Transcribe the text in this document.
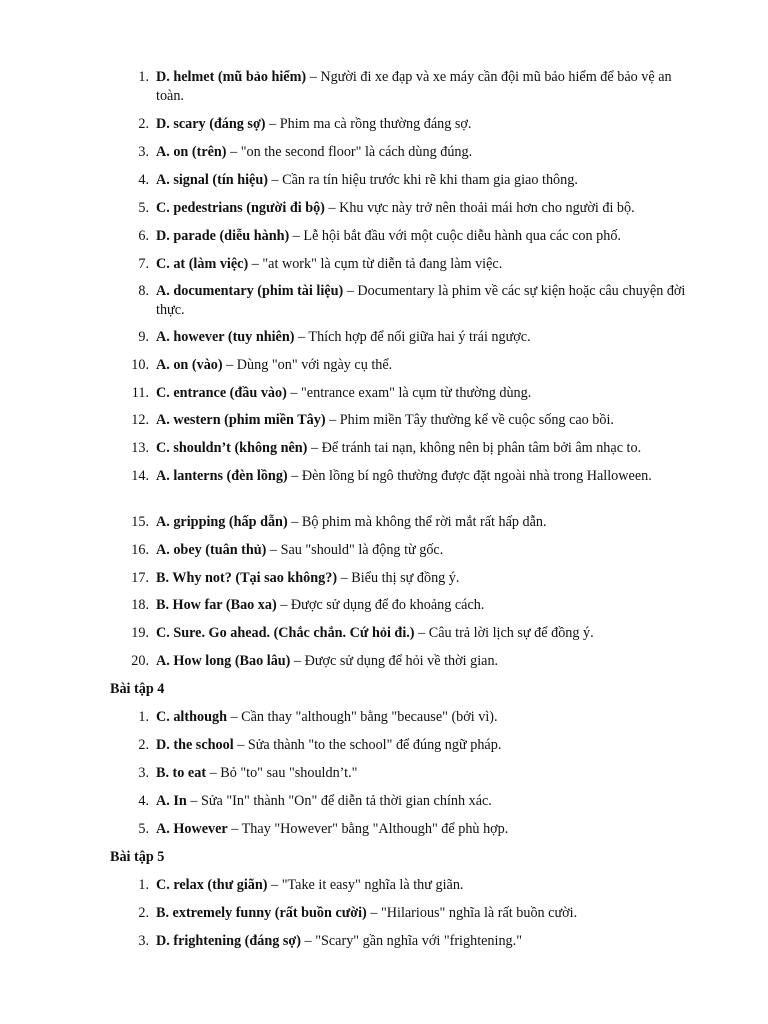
1. D. helmet (mũ bảo hiểm) – Người đi xe đạp và xe máy cần đội mũ bảo hiểm để bảo vệ an toàn.
2. D. scary (đáng sợ) – Phim ma cà rồng thường đáng sợ.
3. A. on (trên) – "on the second floor" là cách dùng đúng.
4. A. signal (tín hiệu) – Cần ra tín hiệu trước khi rẽ khi tham gia giao thông.
5. C. pedestrians (người đi bộ) – Khu vực này trở nên thoải mái hơn cho người đi bộ.
6. D. parade (diễu hành) – Lễ hội bắt đầu với một cuộc diễu hành qua các con phố.
7. C. at (làm việc) – "at work" là cụm từ diễn tả đang làm việc.
8. A. documentary (phim tài liệu) – Documentary là phim về các sự kiện hoặc câu chuyện đời thực.
9. A. however (tuy nhiên) – Thích hợp để nối giữa hai ý trái ngược.
10. A. on (vào) – Dùng "on" với ngày cụ thể.
11. C. entrance (đầu vào) – "entrance exam" là cụm từ thường dùng.
12. A. western (phim miền Tây) – Phim miền Tây thường kể về cuộc sống cao bồi.
13. C. shouldn’t (không nên) – Để tránh tai nạn, không nên bị phân tâm bởi âm nhạc to.
14. A. lanterns (đèn lồng) – Đèn lồng bí ngô thường được đặt ngoài nhà trong Halloween.
15. A. gripping (hấp dẫn) – Bộ phim mà không thể rời mắt rất hấp dẫn.
16. A. obey (tuân thủ) – Sau "should" là động từ gốc.
17. B. Why not? (Tại sao không?) – Biểu thị sự đồng ý.
18. B. How far (Bao xa) – Được sử dụng để đo khoảng cách.
19. C. Sure. Go ahead. (Chắc chắn. Cứ hỏi đi.) – Câu trả lời lịch sự để đồng ý.
20. A. How long (Bao lâu) – Được sử dụng để hỏi về thời gian.
Bài tập 4
1. C. although – Cần thay "although" bằng "because" (bởi vì).
2. D. the school – Sửa thành "to the school" để đúng ngữ pháp.
3. B. to eat – Bỏ "to" sau "shouldn’t."
4. A. In – Sửa "In" thành "On" để diễn tả thời gian chính xác.
5. A. However – Thay "However" bằng "Although" để phù hợp.
Bài tập 5
1. C. relax (thư giãn) – "Take it easy" nghĩa là thư giãn.
2. B. extremely funny (rất buồn cười) – "Hilarious" nghĩa là rất buồn cười.
3. D. frightening (đáng sợ) – "Scary" gần nghĩa với "frightening."
